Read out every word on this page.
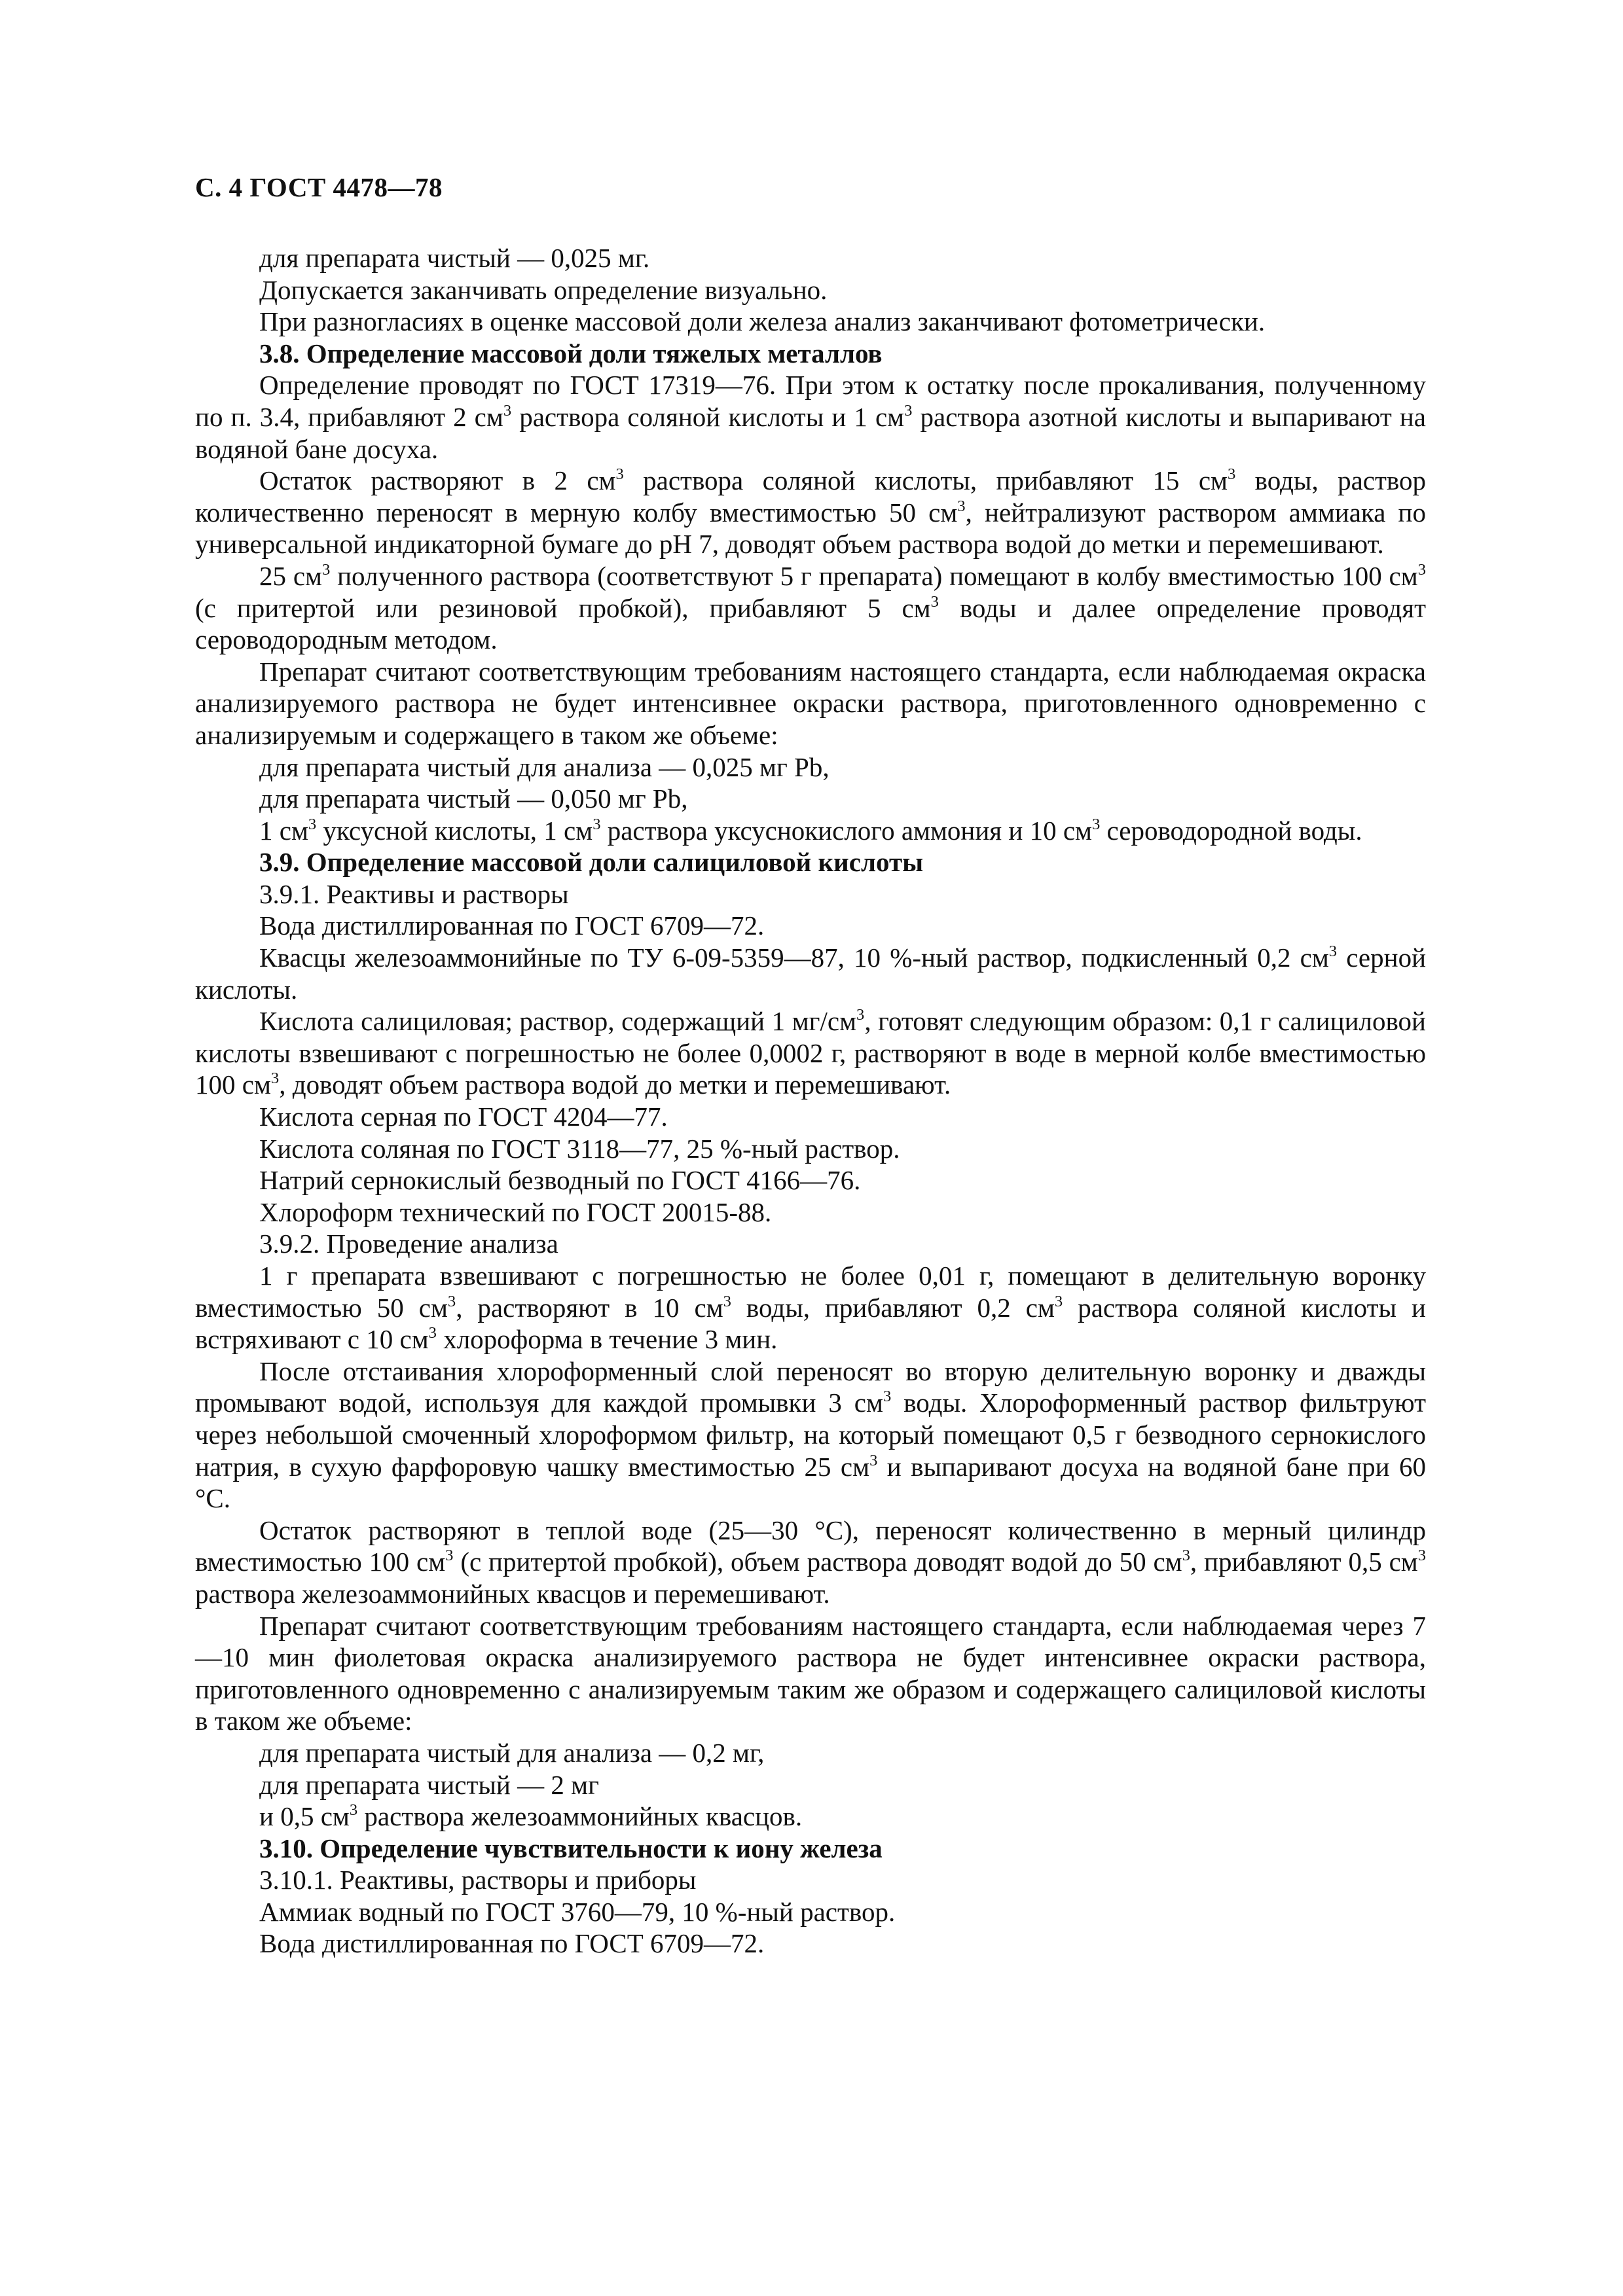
С. 4 ГОСТ 4478—78

для препарата чистый — 0,025 мг.

Допускается заканчивать определение визуально.

При разногласиях в оценке массовой доли железа анализ заканчивают фотометрически.

3.8. Определение массовой доли тяжелых металлов

Определение проводят по ГОСТ 17319—76. При этом к остатку после прокаливания, полученному по п. 3.4, прибавляют 2 $см^3$ раствора соляной кислоты и 1 $см^3$ раствора азотной кислоты и выпаривают на водяной бане досуха.

Остаток растворяют в 2 $см^3$ раствора соляной кислоты, прибавляют 15 $см^3$ воды, раствор количественно переносят в мерную колбу вместимостью 50 $см^3$, нейтрализуют раствором аммиака по универсальной индикаторной бумаге до pH 7, доводят объем раствора водой до метки и перемешивают.

25 $см^3$ полученного раствора (соответствуют 5 г препарата) помещают в колбу вместимостью 100 $см^3$ (с притертой или резиновой пробкой), прибавляют 5 $см^3$ воды и далее определение проводят сероводородным методом.

Препарат считают соответствующим требованиям настоящего стандарта, если наблюдаемая окраска анализируемого раствора не будет интенсивнее окраски раствора, приготовленного одновременно с анализируемым и содержащего в таком же объеме:

для препарата чистый для анализа — 0,025 мг Pb,

для препарата чистый — 0,050 мг Pb,

1 $см^3$ уксусной кислоты, 1 $см^3$ раствора уксуснокислого аммония и 10 $см^3$ сероводородной воды.

3.9. Определение массовой доли салициловой кислоты

3.9.1. Реактивы и растворы

Вода дистиллированная по ГОСТ 6709—72.

Квасцы железоаммонийные по ТУ 6-09-5359—87, 10 %-ный раствор, подкисленный 0,2 $см^3$ серной кислоты.

Кислота салициловая; раствор, содержащий 1 $мг/см^3$, готовят следующим образом: 0,1 г салициловой кислоты взвешивают с погрешностью не более 0,0002 г, растворяют в воде в мерной колбе вместимостью 100 $см^3$, доводят объем раствора водой до метки и перемешивают.

Кислота серная по ГОСТ 4204—77.

Кислота соляная по ГОСТ 3118—77, 25 %-ный раствор.

Натрий сернокислый безводный по ГОСТ 4166—76.

Хлороформ технический по ГОСТ 20015-88.

3.9.2. Проведение анализа

1 г препарата взвешивают с погрешностью не более 0,01 г, помещают в делительную воронку вместимостью 50 $см^3$, растворяют в 10 $см^3$ воды, прибавляют 0,2 $см^3$ раствора соляной кислоты и встряхивают с 10 $см^3$ хлороформа в течение 3 мин.

После отстаивания хлороформенный слой переносят во вторую делительную воронку и дважды промывают водой, используя для каждой промывки 3 $см^3$ воды. Хлороформенный раствор фильтруют через небольшой смоченный хлороформом фильтр, на который помещают 0,5 г безводного сернокислого натрия, в сухую фарфоровую чашку вместимостью 25 $см^3$ и выпаривают досуха на водяной бане при 60 °С.

Остаток растворяют в теплой воде (25—30 °С), переносят количественно в мерный цилиндр вместимостью 100 $см^3$ (с притертой пробкой), объем раствора доводят водой до 50 $см^3$, прибавляют 0,5 $см^3$ раствора железоаммонийных квасцов и перемешивают.

Препарат считают соответствующим требованиям настоящего стандарта, если наблюдаемая через 7—10 мин фиолетовая окраска анализируемого раствора не будет интенсивнее окраски раствора, приготовленного одновременно с анализируемым таким же образом и содержащего салициловой кислоты в таком же объеме:

для препарата чистый для анализа — 0,2 мг,

для препарата чистый — 2 мг

и 0,5 $см^3$ раствора железоаммонийных квасцов.

3.10. Определение чувствительности к иону железа

3.10.1. Реактивы, растворы и приборы

Аммиак водный по ГОСТ 3760—79, 10 %-ный раствор.

Вода дистиллированная по ГОСТ 6709—72.
